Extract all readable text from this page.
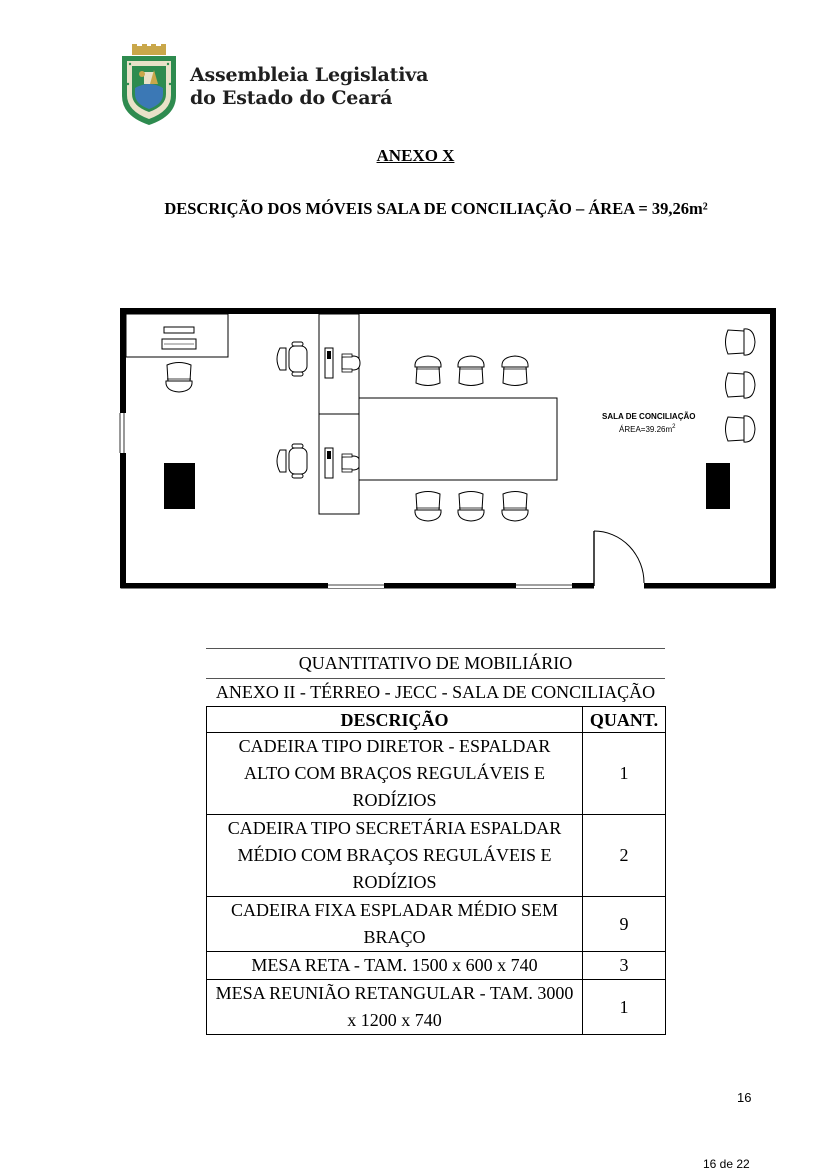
Assembleia Legislativa
do Estado do Ceará
ANEXO X
DESCRIÇÃO DOS MÓVEIS SALA DE CONCILIAÇÃO – ÁREA = 39,26m²
SALA DE CONCILIAÇÃO
$ÁREA=39.26m^2$
QUANTITATIVO DE MOBILIÁRIO
ANEXO II - TÉRREO - JECC - SALA DE CONCILIAÇÃO
DESCRIÇÃO	QUANT.

CADEIRA TIPO DIRETOR - ESPALDAR
ALTO COM BRAÇOS REGULÁVEIS E
RODÍZIOS	1

CADEIRA TIPO SECRETÁRIA ESPALDAR
MÉDIO COM BRAÇOS REGULÁVEIS E
RODÍZIOS	2

CADEIRA FIXA ESPLADAR MÉDIO SEM
BRAÇO	9

MESA RETA - TAM. 1500 x 600 x 740	3

MESA REUNIÃO RETANGULAR - TAM. 3000
x 1200 x 740	1
16
16 de 22
